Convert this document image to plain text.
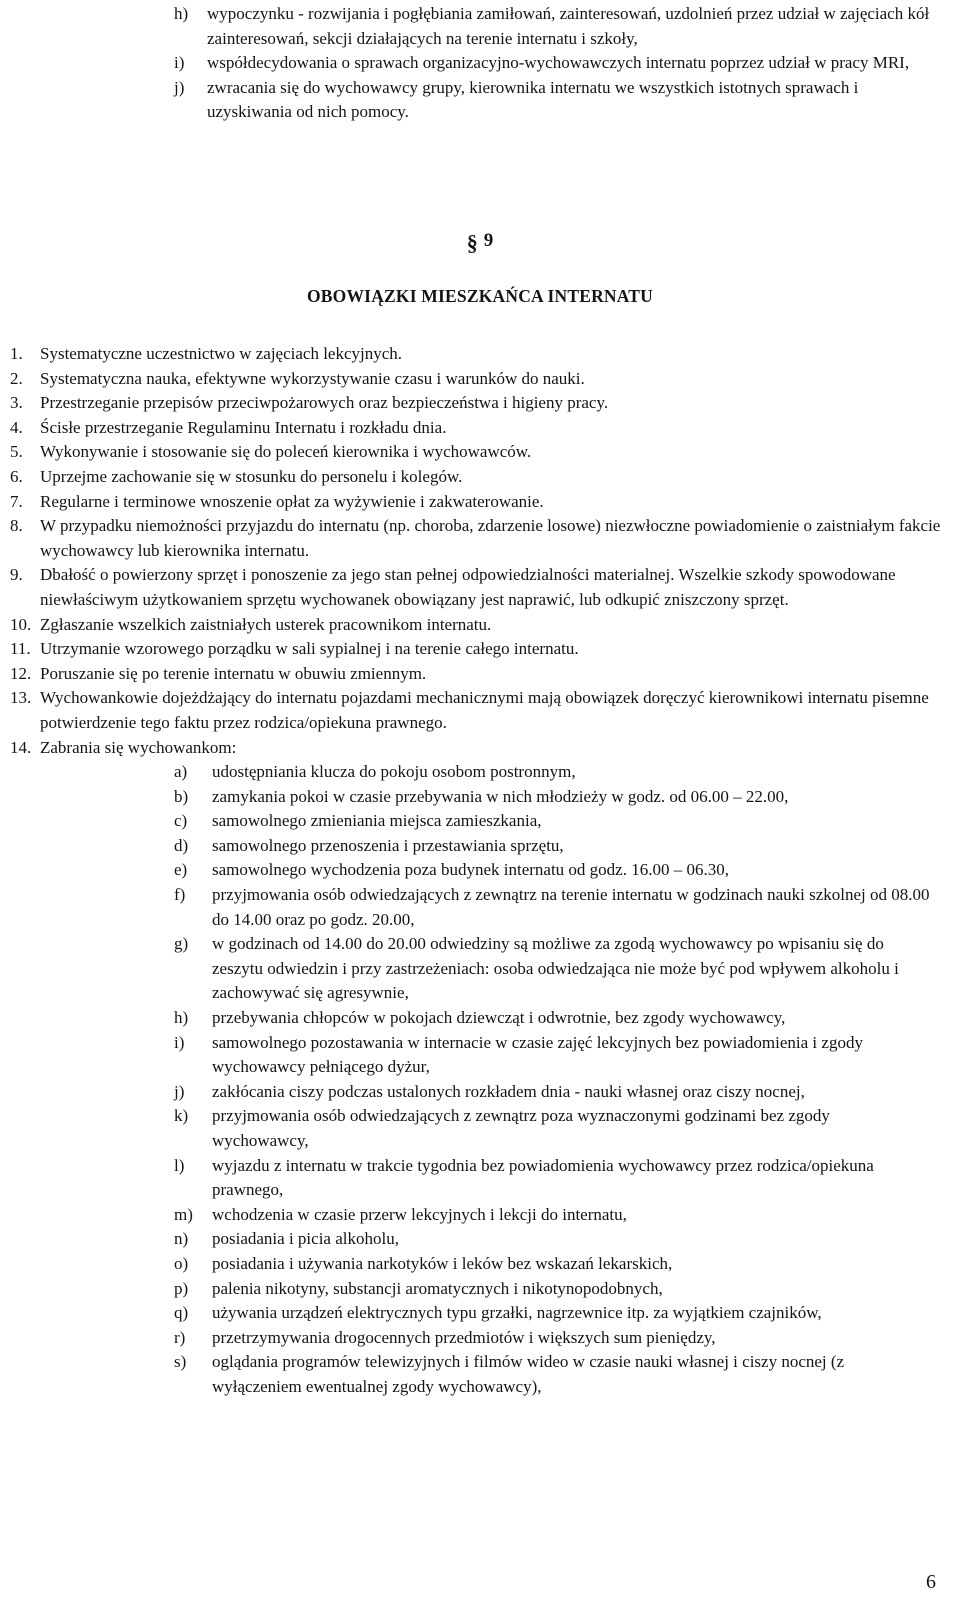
h) wypoczynku - rozwijania i pogłębiania zamiłowań, zainteresowań, uzdolnień przez udział w zajęciach kół zainteresowań, sekcji działających na terenie internatu i szkoły,
i) współdecydowania o sprawach organizacyjno-wychowawczych internatu poprzez udział w pracy MRI,
j) zwracania się do wychowawcy grupy, kierownika internatu we wszystkich istotnych sprawach i uzyskiwania od nich pomocy.
§ 9
OBOWIĄZKI MIESZKAŃCA INTERNATU
1. Systematyczne uczestnictwo w zajęciach lekcyjnych.
2. Systematyczna nauka, efektywne wykorzystywanie czasu i warunków do nauki.
3. Przestrzeganie przepisów przeciwpożarowych oraz bezpieczeństwa i higieny pracy.
4. Ścisłe przestrzeganie Regulaminu Internatu i rozkładu dnia.
5. Wykonywanie i stosowanie się do poleceń kierownika i wychowawców.
6. Uprzejme zachowanie się w stosunku do personelu i kolegów.
7. Regularne i terminowe wnoszenie opłat za wyżywienie i zakwaterowanie.
8. W przypadku niemożności przyjazdu do internatu (np. choroba, zdarzenie losowe) niezwłoczne powiadomienie o zaistniałym fakcie wychowawcy lub kierownika internatu.
9. Dbałość o powierzony sprzęt i ponoszenie za jego stan pełnej odpowiedzialności materialnej. Wszelkie szkody spowodowane niewłaściwym użytkowaniem sprzętu wychowanek obowiązany jest naprawić, lub odkupić zniszczony sprzęt.
10. Zgłaszanie wszelkich zaistniałych usterek pracownikom internatu.
11. Utrzymanie wzorowego porządku w sali sypialnej i na terenie całego internatu.
12. Poruszanie się po terenie internatu w obuwiu zmiennym.
13. Wychowankowie dojeżdżający do internatu pojazdami mechanicznymi mają obowiązek doręczyć kierownikowi internatu pisemne potwierdzenie tego faktu przez rodzica/opiekuna prawnego.
14. Zabrania się wychowankom:
a) udostępniania klucza do pokoju osobom postronnym,
b) zamykania pokoi w czasie przebywania w nich młodzieży w godz. od 06.00 – 22.00,
c) samowolnego zmieniania miejsca zamieszkania,
d) samowolnego przenoszenia i przestawiania sprzętu,
e) samowolnego wychodzenia poza budynek internatu od godz. 16.00 – 06.30,
f) przyjmowania osób odwiedzających z zewnątrz na terenie internatu w godzinach nauki szkolnej od 08.00 do 14.00 oraz po godz. 20.00,
g) w godzinach od 14.00 do 20.00 odwiedziny są możliwe za zgodą wychowawcy po wpisaniu się do zeszytu odwiedzin i przy zastrzeżeniach: osoba odwiedzająca nie może być pod wpływem alkoholu i zachowywać się agresywnie,
h) przebywania chłopców w pokojach dziewcząt i odwrotnie, bez zgody wychowawcy,
i) samowolnego pozostawania w internacie w czasie zajęć lekcyjnych bez powiadomienia i zgody wychowawcy pełniącego dyżur,
j) zakłócania ciszy podczas ustalonych rozkładem dnia - nauki własnej oraz ciszy nocnej,
k) przyjmowania osób odwiedzających z zewnątrz poza wyznaczonymi godzinami bez zgody wychowawcy,
l) wyjazdu z internatu w trakcie tygodnia bez powiadomienia wychowawcy przez rodzica/opiekuna prawnego,
m) wchodzenia w czasie przerw lekcyjnych i lekcji do internatu,
n) posiadania i picia alkoholu,
o) posiadania i używania narkotyków i leków bez wskazań lekarskich,
p) palenia nikotyny, substancji aromatycznych i nikotynopodobnych,
q) używania urządzeń elektrycznych typu grzałki, nagrzewnice itp. za wyjątkiem czajników,
r) przetrzymywania drogocennych przedmiotów i większych sum pieniędzy,
s) oglądania programów telewizyjnych i filmów wideo w czasie nauki własnej i ciszy nocnej (z wyłączeniem ewentualnej zgody wychowawcy),
6
